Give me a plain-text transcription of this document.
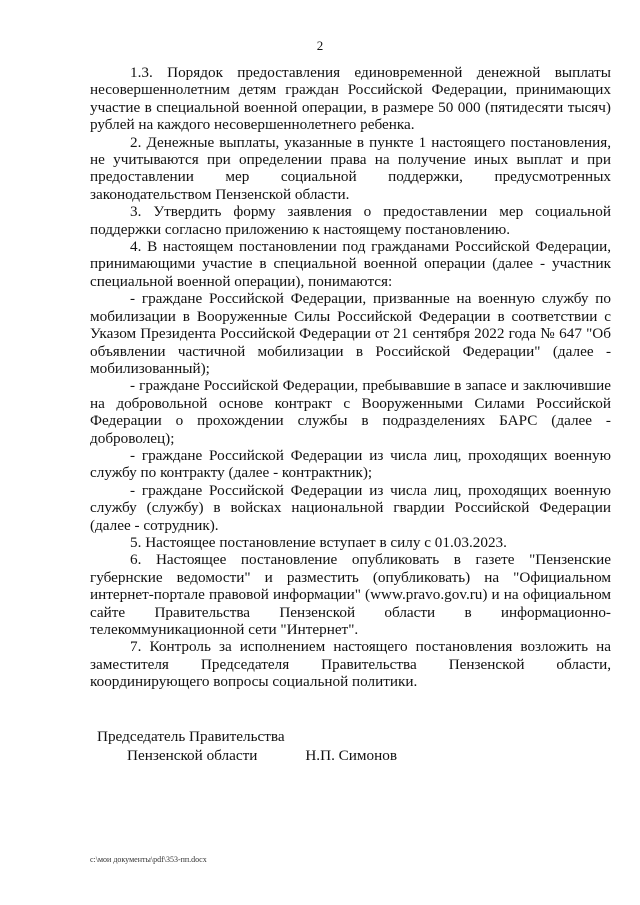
2

1.3. Порядок предоставления единовременной денежной выплаты несовершеннолетним детям граждан Российской Федерации, принимающих участие в специальной военной операции, в размере 50 000 (пятидесяти тысяч) рублей на каждого несовершеннолетнего ребенка.

2. Денежные выплаты, указанные в пункте 1 настоящего постановления, не учитываются при определении права на получение иных выплат и при предоставлении мер социальной поддержки, предусмотренных законодательством Пензенской области.

3. Утвердить форму заявления о предоставлении мер социальной поддержки согласно приложению к настоящему постановлению.

4. В настоящем постановлении под гражданами Российской Федерации, принимающими участие в специальной военной операции (далее - участник специальной военной операции), понимаются:

- граждане Российской Федерации, призванные на военную службу по мобилизации в Вооруженные Силы Российской Федерации в соответствии с Указом Президента Российской Федерации от 21 сентября 2022 года № 647 "Об объявлении частичной мобилизации в Российской Федерации" (далее - мобилизованный);

- граждане Российской Федерации, пребывавшие в запасе и заключившие на добровольной основе контракт с Вооруженными Силами Российской Федерации о прохождении службы в подразделениях БАРС (далее - доброволец);

- граждане Российской Федерации из числа лиц, проходящих военную службу по контракту (далее - контрактник);

- граждане Российской Федерации из числа лиц, проходящих военную службу (службу) в войсках национальной гвардии Российской Федерации (далее - сотрудник).

5. Настоящее постановление вступает в силу с 01.03.2023.

6. Настоящее постановление опубликовать в газете "Пензенские губернские ведомости" и разместить (опубликовать) на "Официальном интернет-портале правовой информации" (www.pravo.gov.ru) и на официальном сайте Правительства Пензенской области в информационно-телекоммуникационной сети "Интернет".

7. Контроль за исполнением настоящего постановления возложить на заместителя Председателя Правительства Пензенской области, координирующего вопросы социальной политики.

Председатель Правительства
Пензенской области	Н.П. Симонов
c:\мои документы\pdf\353-пп.docx
